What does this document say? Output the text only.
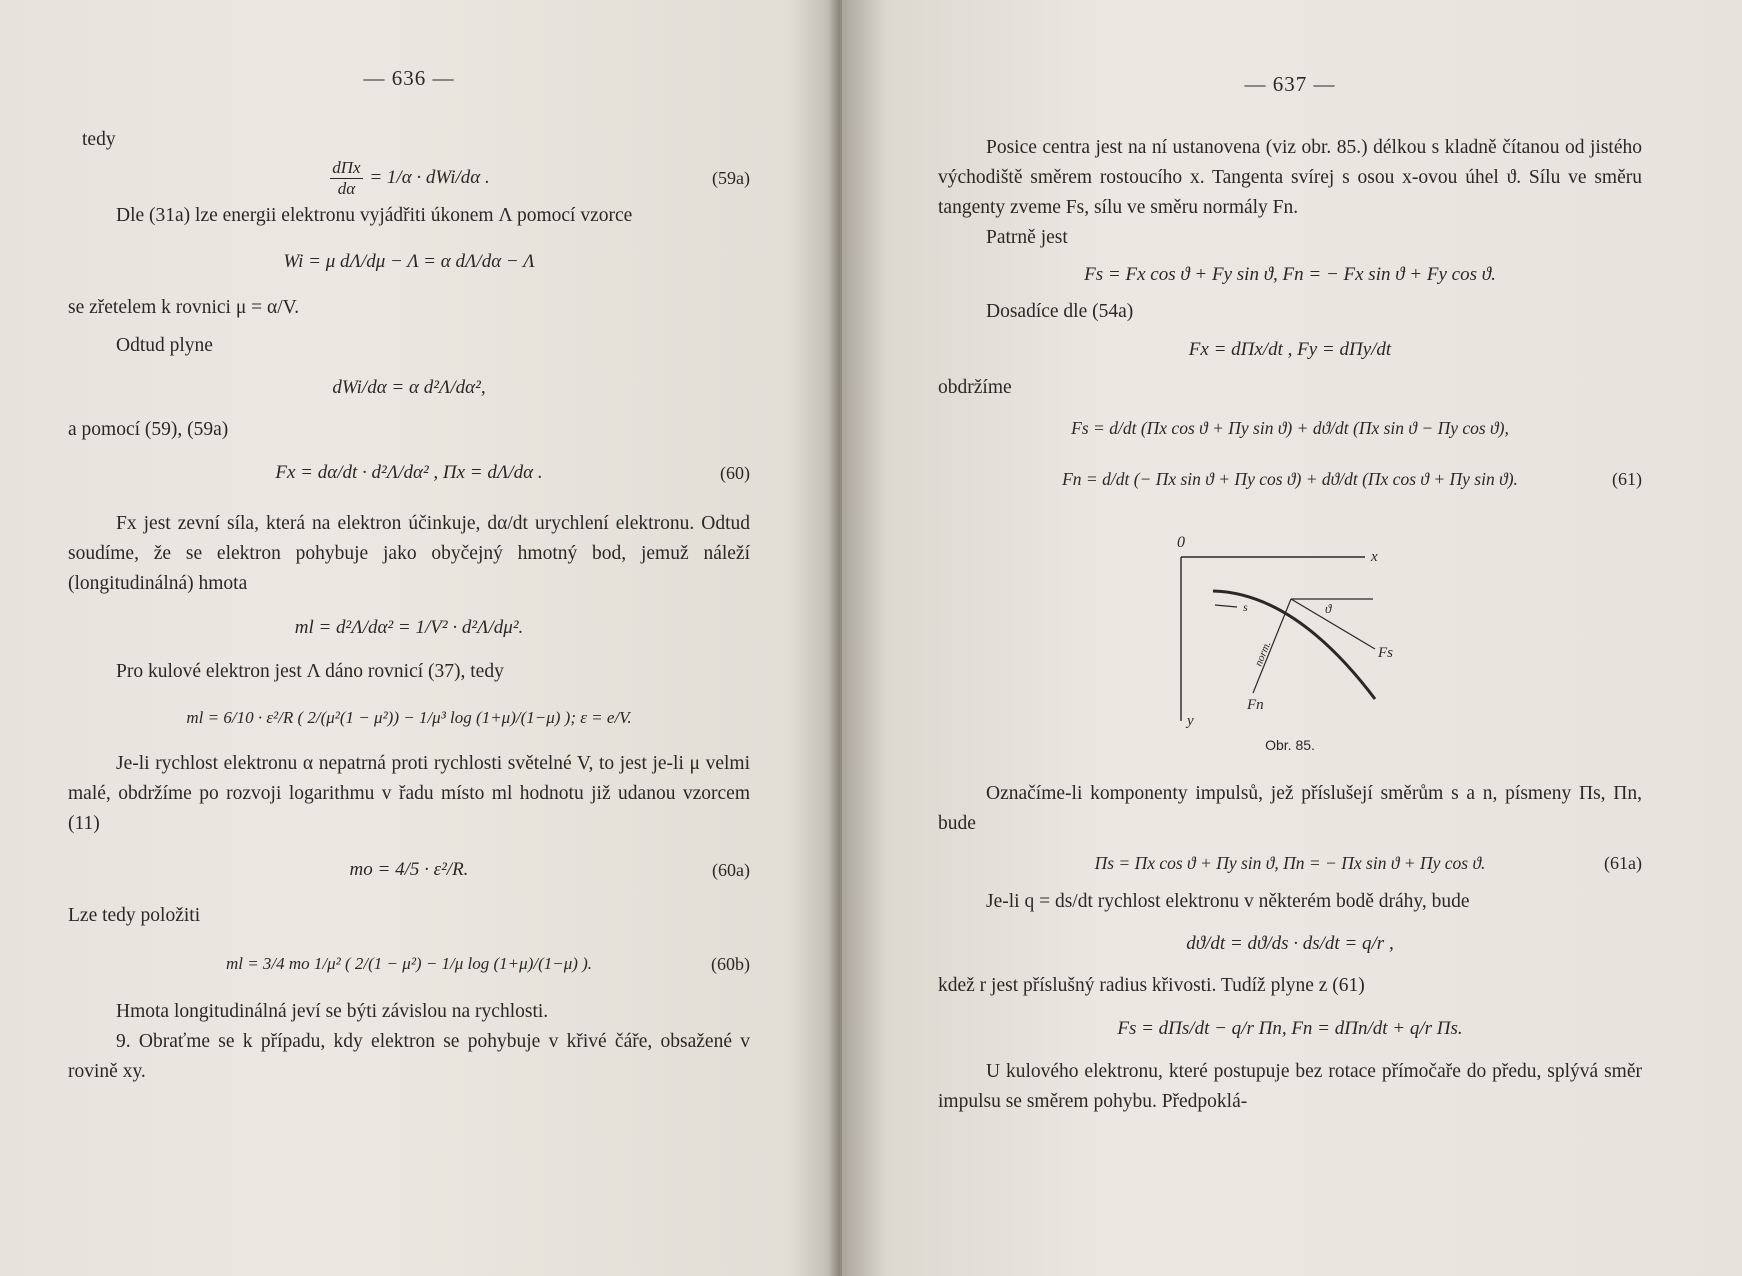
— 636 —

tedy

$\frac{\text{dΠx}}{d\alpha} = 1/\alpha \cdot dWi/d\alpha$ .	(59a)

Dle (31a) lze energii elektronu vyjádřiti úkonem Λ pomocí vzorce

Wi = μ dΛ/dμ − Λ = α dΛ/dα − Λ

se zřetelem k rovnici μ = α/V.

Odtud plyne

dWi/dα = α d²Λ/dα²,

a pomocí (59), (59a)

Fx = dα/dt · d²Λ/dα² , Πx = dΛ/dα .	(60)

Fx jest zevní síla, která na elektron účinkuje, dα/dt urychlení elektronu. Odtud soudíme, že se elektron pohybuje jako obyčejný hmotný bod, jemuž náleží (longitudinálná) hmota

ml = d²Λ/dα² = 1/V² · d²Λ/dμ².

Pro kulové elektron jest Λ dáno rovnicí (37), tedy

ml = 6/10 · ε²/R ( 2/(μ²(1 − μ²)) − 1/μ³ log (1+μ)/(1−μ) ); ε = e/V.

Je-li rychlost elektronu α nepatrná proti rychlosti světelné V, to jest je-li μ velmi malé, obdržíme po rozvoji logarithmu v řadu místo ml hodnotu již udanou vzorcem (11)

mo = 4/5 · ε²/R.	(60a)

Lze tedy položiti

ml = 3/4 mo 1/μ² ( 2/(1 − μ²) − 1/μ log (1+μ)/(1−μ) ).	(60b)

Hmota longitudinálná jeví se býti závislou na rychlosti.

9. Obraťme se k případu, kdy elektron se pohybuje v křivé čáře, obsažené v rovině xy.

— 637 —

Posice centra jest na ní ustanovena (viz obr. 85.) délkou s kladně čítanou od jistého východiště směrem rostoucího x. Tangenta svírej s osou x-ovou úhel ϑ. Sílu ve směru tangenty zveme Fs, sílu ve směru normály Fn.

Patrně jest

Fs = Fx cos ϑ + Fy sin ϑ, Fn = − Fx sin ϑ + Fy cos ϑ.

Dosadíce dle (54a)

Fx = dΠx/dt , Fy = dΠy/dt

obdržíme

Fs = d/dt (Πx cos ϑ + Πy sin ϑ) + dϑ/dt (Πx sin ϑ − Πy cos ϑ),
Fn = d/dt (− Πx sin ϑ + Πy cos ϑ) + dϑ/dt (Πx cos ϑ + Πy sin ϑ).	(61)
0
x
y
s	ϑ
norm.	Fs
Fn
Obr. 85.

Označíme-li komponenty impulsů, jež příslušejí směrům s a n, písmeny Πs, Πn, bude

Πs = Πx cos ϑ + Πy sin ϑ, Πn = − Πx sin ϑ + Πy cos ϑ.	(61a)

Je-li q = ds/dt rychlost elektronu v některém bodě dráhy, bude

dϑ/dt = dϑ/ds · ds/dt = q/r ,

kdež r jest příslušný radius křivosti. Tudíž plyne z (61)

Fs = dΠs/dt − q/r Πn, Fn = dΠn/dt + q/r Πs.

U kulového elektronu, které postupuje bez rotace přímočaře do předu, splývá směr impulsu se směrem pohybu. Předpoklá-
